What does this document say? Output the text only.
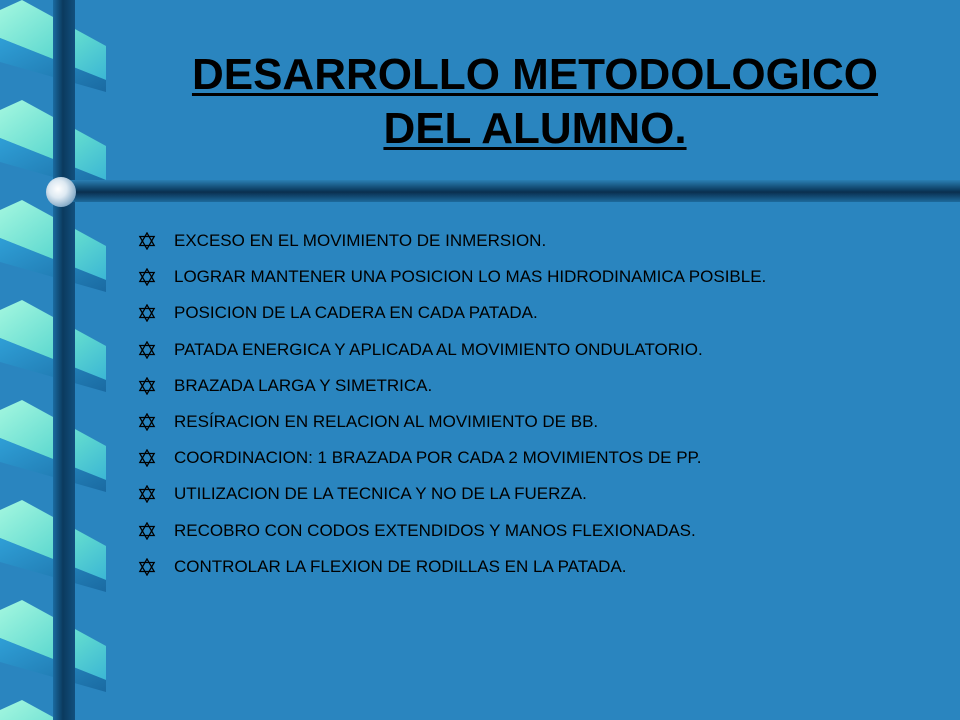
DESARROLLO METODOLOGICO
DEL ALUMNO.
EXCESO EN EL MOVIMIENTO DE INMERSION.
LOGRAR MANTENER UNA POSICION LO MAS HIDRODINAMICA POSIBLE.
POSICION DE LA CADERA EN CADA PATADA.
PATADA ENERGICA Y APLICADA AL MOVIMIENTO ONDULATORIO.
BRAZADA LARGA Y SIMETRICA.
RESÍRACION EN RELACION AL MOVIMIENTO DE BB.
COORDINACION: 1 BRAZADA POR CADA 2 MOVIMIENTOS DE PP.
UTILIZACION DE LA TECNICA Y NO DE LA FUERZA.
RECOBRO CON CODOS EXTENDIDOS Y MANOS FLEXIONADAS.
CONTROLAR LA FLEXION DE RODILLAS EN LA PATADA.
